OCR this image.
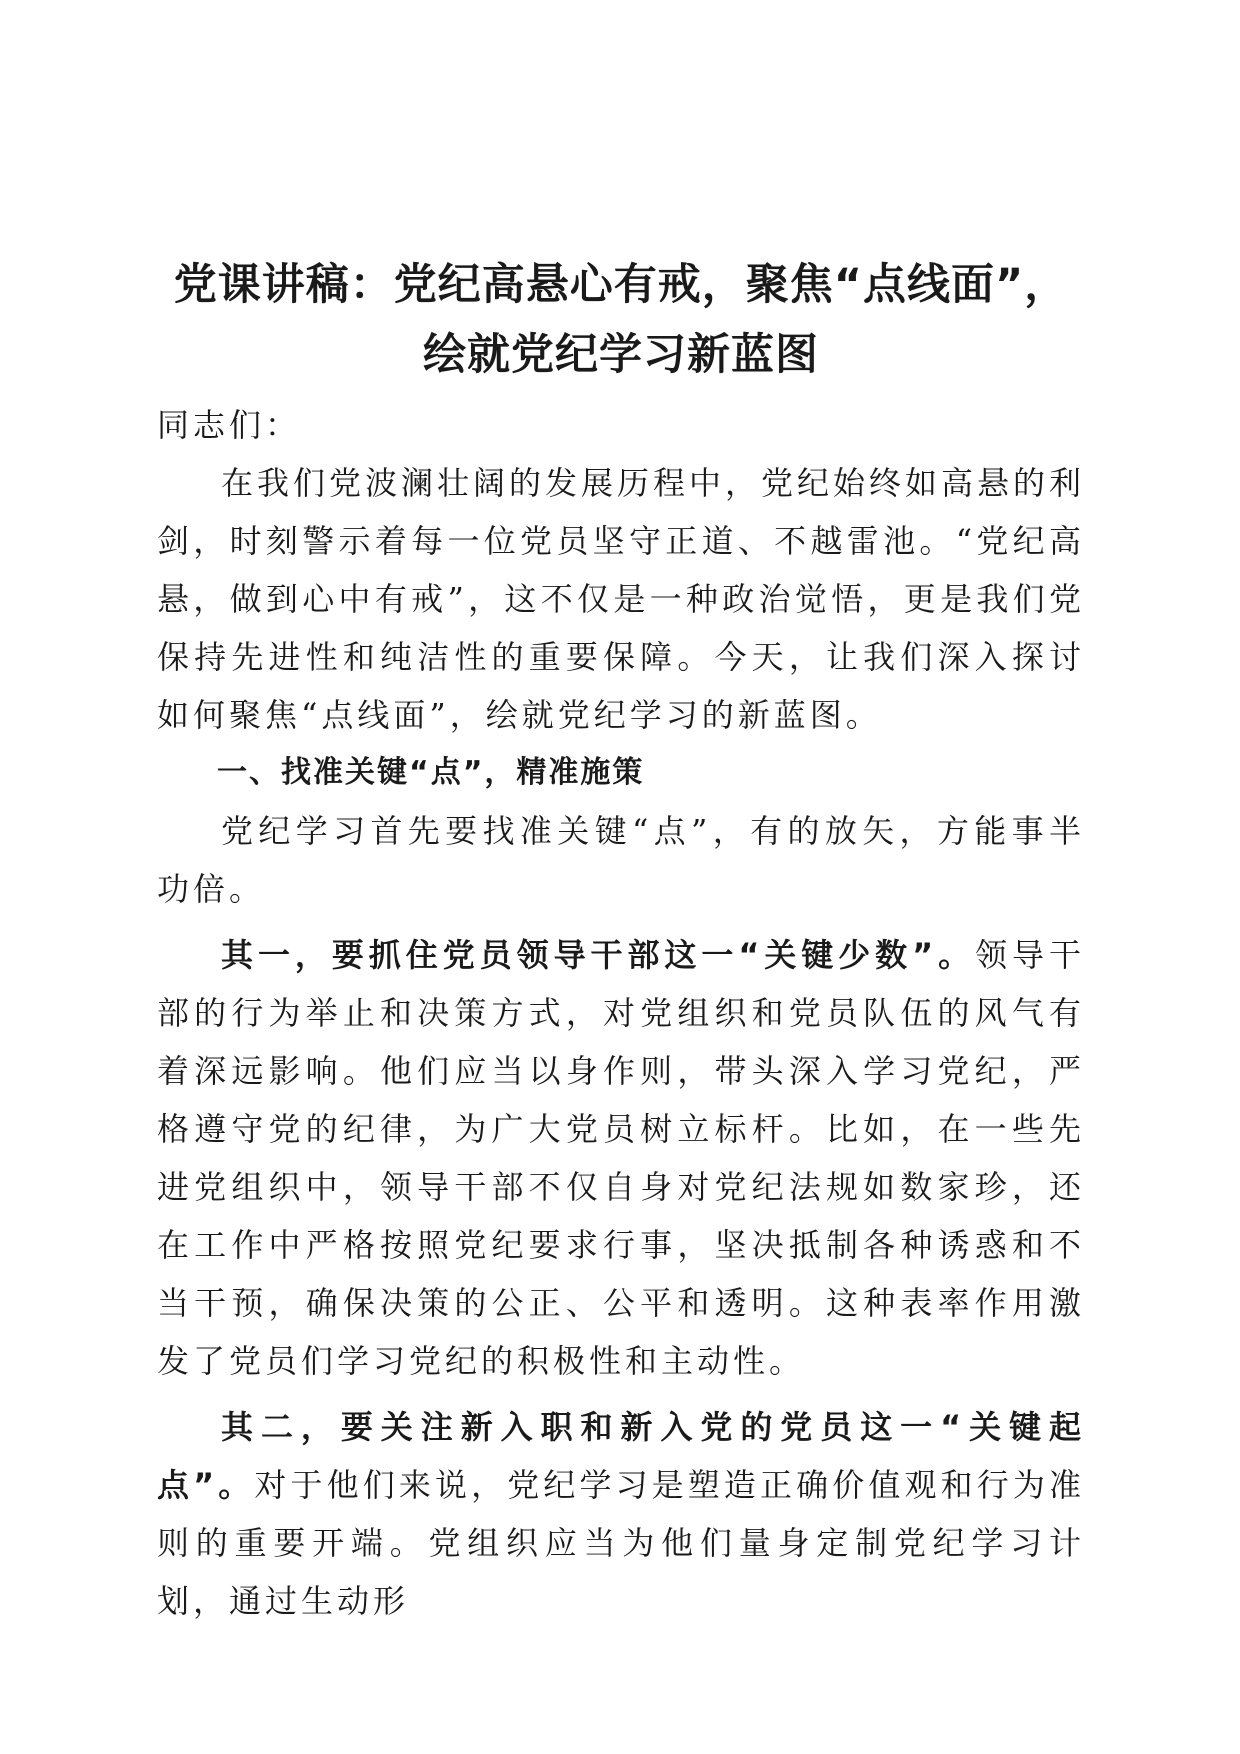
党课讲稿：党纪高悬心有戒，聚焦“点线面”，
绘就党纪学习新蓝图

同志们：

在我们党波澜壮阔的发展历程中，党纪始终如高悬的利剑，时刻警示着每一位党员坚守正道、不越雷池。“党纪高悬，做到心中有戒”，这不仅是一种政治觉悟，更是我们党保持先进性和纯洁性的重要保障。今天，让我们深入探讨如何聚焦“点线面”，绘就党纪学习的新蓝图。

一、找准关键“点”，精准施策

党纪学习首先要找准关键“点”，有的放矢，方能事半功倍。

其一，要抓住党员领导干部这一“关键少数”。领导干部的行为举止和决策方式，对党组织和党员队伍的风气有着深远影响。他们应当以身作则，带头深入学习党纪，严格遵守党的纪律，为广大党员树立标杆。比如，在一些先进党组织中，领导干部不仅自身对党纪法规如数家珍，还在工作中严格按照党纪要求行事，坚决抵制各种诱惑和不当干预，确保决策的公正、公平和透明。这种表率作用激发了党员们学习党纪的积极性和主动性。

其二，要关注新入职和新入党的党员这一“关键起点”。对于他们来说，党纪学习是塑造正确价值观和行为准则的重要开端。党组织应当为他们量身定制党纪学习计划，通过生动形
